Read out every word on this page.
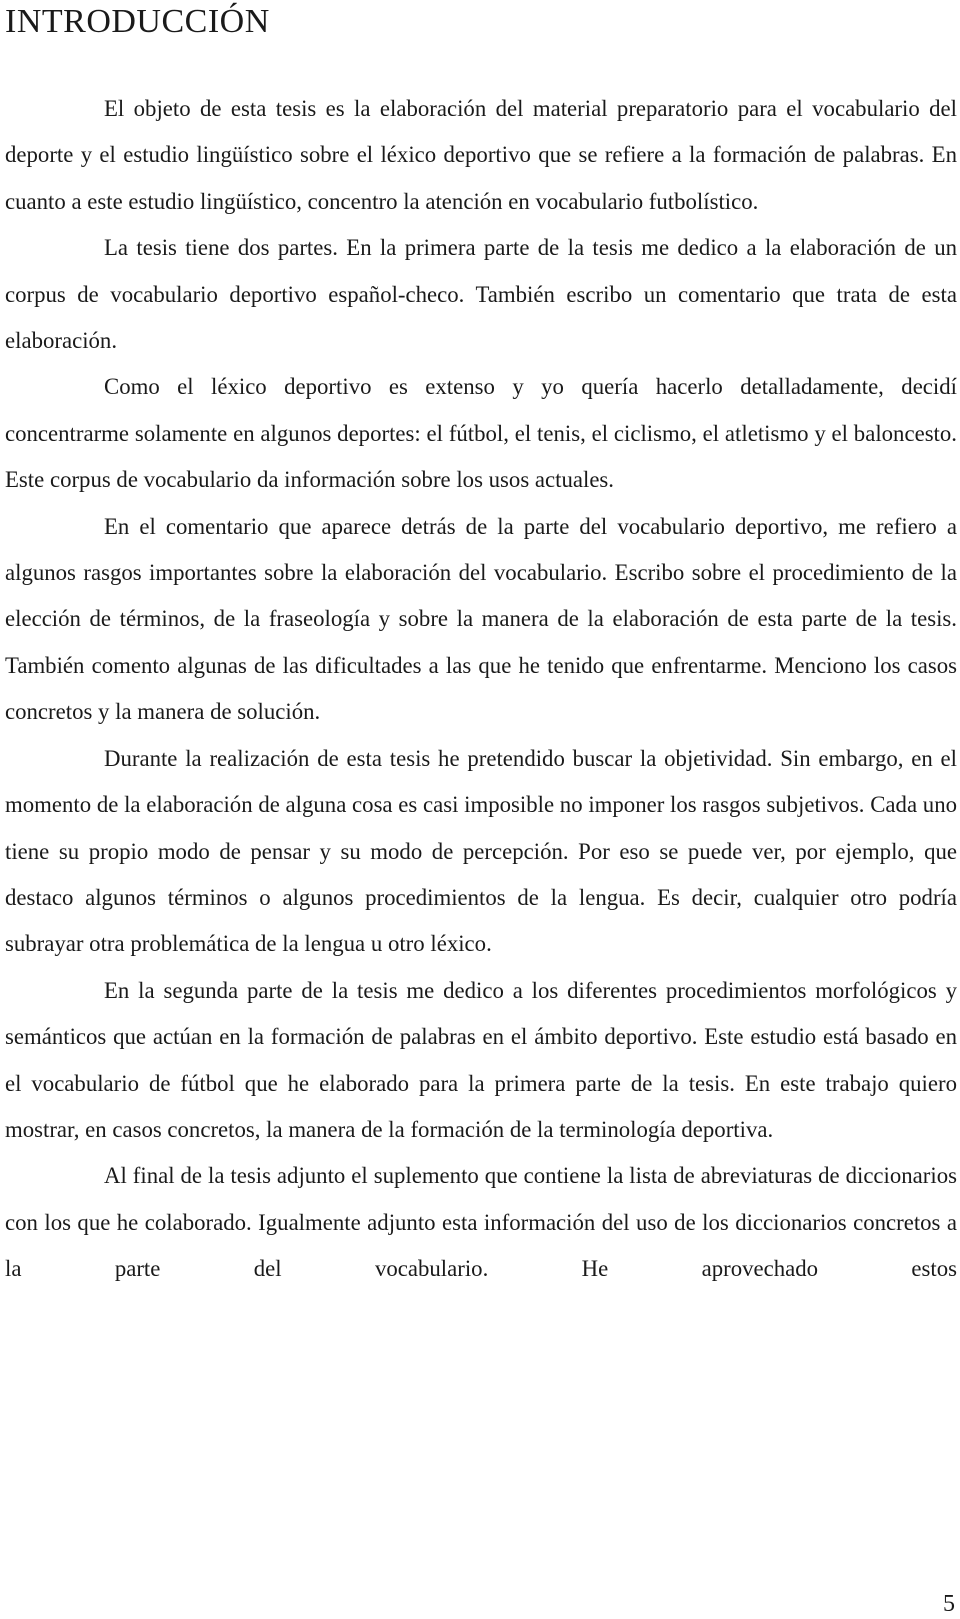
INTRODUCCIÓN

El objeto de esta tesis es la elaboración del material preparatorio para el vocabulario del deporte y el estudio lingüístico sobre el léxico deportivo que se refiere a la formación de palabras. En cuanto a este estudio lingüístico, concentro la atención en vocabulario futbolístico.

La tesis tiene dos partes. En la primera parte de la tesis me dedico a la elaboración de un corpus de vocabulario deportivo español-checo. También escribo un comentario que trata de esta elaboración.

Como el léxico deportivo es extenso y yo quería hacerlo detalladamente, decidí concentrarme solamente en algunos deportes: el fútbol, el tenis, el ciclismo, el atletismo y el baloncesto. Este corpus de vocabulario da información sobre los usos actuales.

En el comentario que aparece detrás de la parte del vocabulario deportivo, me refiero a algunos rasgos importantes sobre la elaboración del vocabulario. Escribo sobre el procedimiento de la elección de términos, de la fraseología y sobre la manera de la elaboración de esta parte de la tesis. También comento algunas de las dificultades a las que he tenido que enfrentarme. Menciono los casos concretos y la manera de solución.

Durante la realización de esta tesis he pretendido buscar la objetividad. Sin embargo, en el momento de la elaboración de alguna cosa es casi imposible no imponer los rasgos subjetivos. Cada uno tiene su propio modo de pensar y su modo de percepción. Por eso se puede ver, por ejemplo, que destaco algunos términos o algunos procedimientos de la lengua. Es decir, cualquier otro podría subrayar otra problemática de la lengua u otro léxico.

En la segunda parte de la tesis me dedico a los diferentes procedimientos morfológicos y semánticos que actúan en la formación de palabras en el ámbito deportivo. Este estudio está basado en el vocabulario de fútbol que he elaborado para la primera parte de la tesis. En este trabajo quiero mostrar, en casos concretos, la manera de la formación de la terminología deportiva.

Al final de la tesis adjunto el suplemento que contiene la lista de abreviaturas de diccionarios con los que he colaborado. Igualmente adjunto esta información del uso de los diccionarios concretos a la parte del vocabulario. He aprovechado estos

5
